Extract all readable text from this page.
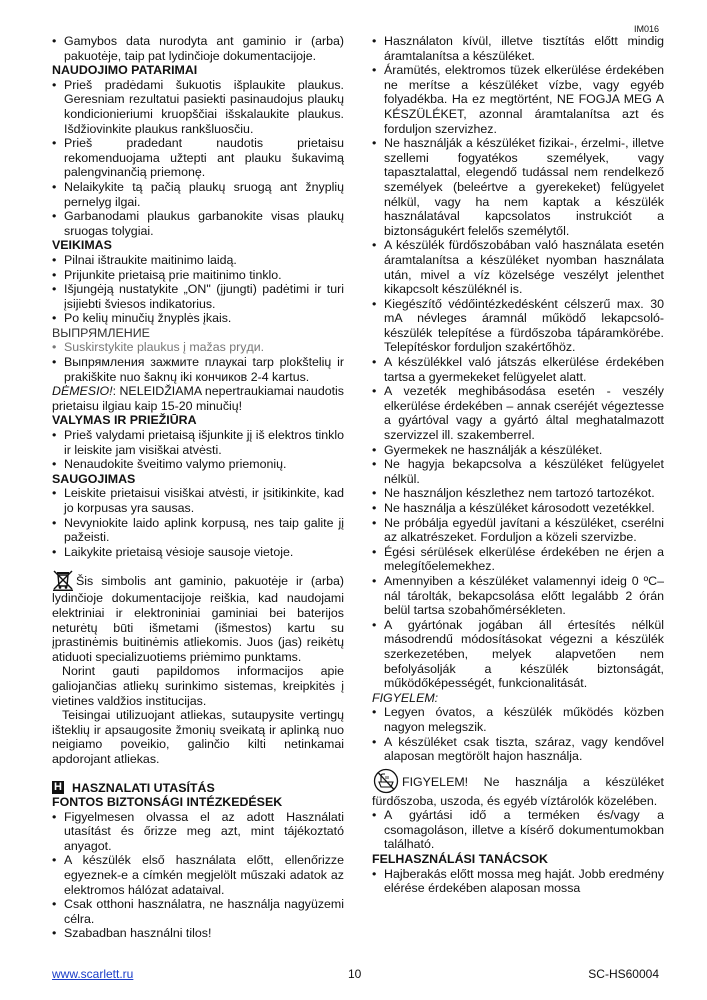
IM016
• Gamybos data nurodyta ant gaminio ir (arba) pakuotėje, taip pat lydinčioje dokumentacijoje.

NAUDOJIMO PATARIMAI

• Prieš pradėdami šukuotis išplaukite plaukus. Geresniam rezultatui pasiekti pasinaudojus plaukų kondicionieriumi kruopščiai išskalaukite plaukus. Išdžiovinkite plaukus rankšluosčiu.
• Prieš pradedant naudotis prietaisu rekomenduojama užtepti ant plauku šukavimą palengvinančią priemonę.
• Nelaikykite tą pačią plaukų sruogą ant žnyplių pernelyg ilgai.
• Garbanodami plaukus garbanokite visas plaukų sruogas tolygiai.

VEIKIMAS

• Pilnai ištraukite maitinimo laidą.
• Prijunkite prietaisą prie maitinimo tinklo.
• Išjungėją nustatykite „ON" (įjungti) padėtimi ir turi įsijiebti šviesos indikatorius.
• Po kelių minučių žnyplės įkais.

ВЫПРЯМЛЕНИЕ

• Suskirstykite plaukus į mažas pryди.
• Выпрямления зажмите плаукai tarp plokštelių ir prakiškite nuo šaknų iki кончиков 2-4 kartus.

DĖMESIO!: NELEIDŽIAMA nepertraukiamai naudotis prietaisu ilgiau kaip 15-20 minučių!

VALYMAS IR PRIEŽIŪRA

• Prieš valydami prietaisą išjunkite jį iš elektros tinklo ir leiskite jam visiškai atvėsti.
• Nenaudokite šveitimo valymo priemonių.

SAUGOJIMAS

• Leiskite prietaisui visiškai atvėsti, ir įsitikinkite, kad jo korpusas yra sausas.
• Nevyniokite laido aplink korpusą, nes taip galite jį pažeisti.
• Laikykite prietaisą vėsioje sausoje vietoje.

Šis simbolis ant gaminio, pakuotėje ir (arba) lydinčioje dokumentacijoje reiškia, kad naudojami elektriniai ir elektroniniai gaminiai bei baterijos neturėtų būti išmetami (išmestos) kartu su įprastinėmis buitinėmis atliekomis. Juos (jas) reikėtų atiduoti specializuotiems priėmimo punktams.

Norint gauti papildomos informacijos apie galiojančias atliekų surinkimo sistemas, kreipkitės į vietines valdžios institucijas.

Teisingai utilizuojant atliekas, sutaupysite vertingų išteklių ir apsaugosite žmonių sveikatą ir aplinką nuo neigiamo poveikio, galinčio kilti netinkamai apdorojant atliekas.

H HASZNALATI UTASÍTÁS

FONTOS BIZTONSÁGI INTÉZKEDÉSEK

• Figyelmesen olvassa el az adott Használati utasítást és őrizze meg azt, mint tájékoztató anyagot.
• A készülék első használata előtt, ellenőrizze egyeznek-e a címkén megjelölt műszaki adatok az elektromos hálózat adataival.
• Csak otthoni használatra, ne használja nagyüzemi célra.
• Szabadban használni tilos!
• Használaton kívül, illetve tisztítás előtt mindig áramtalanítsa a készüléket.
• Áramütés, elektromos tüzek elkerülése érdekében ne merítse a készüléket vízbe, vagy egyéb folyadékba. Ha ez megtörtént, NE FOGJA MEG A KÉSZÜLÉKET, azonnal áramtalanítsa azt és forduljon szervizhez.
• Ne használják a készüléket fizikai-, érzelmi-, illetve szellemi fogyatékos személyek, vagy tapasztalattal, elegendő tudással nem rendelkező személyek (beleértve a gyerekeket) felügyelet nélkül, vagy ha nem kaptak a készülék használatával kapcsolatos instrukciót a biztonságukért felelős személytől.
• A készülék fürdőszobában való használata esetén áramtalanítsa a készüléket nyomban használata után, mivel a víz közelsége veszélyt jelenthet kikapcsolt készüléknél is.
• Kiegészítő védőintézkedésként célszerű max. 30 mA névleges áramnál működő lekapcsoló-készülék telepítése a fürdőszoba tápáramkörébe. Telepítéskor forduljon szakértőhöz.
• A készülékkel való játszás elkerülése érdekében tartsa a gyermekeket felügyelet alatt.
• A vezeték meghibásodása esetén - veszély elkerülése érdekében – annak cseréjét végeztesse a gyártóval vagy a gyártó által meghatalmazott szervizzel ill. szakemberrel.
• Gyermekek ne használják a készüléket.
• Ne hagyja bekapcsolva a készüléket felügyelet nélkül.
• Ne használjon készlethez nem tartozó tartozékot.
• Ne használja a készüléket károsodott vezetékkel.
• Ne próbálja egyedül javítani a készüléket, cserélni az alkatrészeket. Forduljon a közeli szervizbe.
• Égési sérülések elkerülése érdekében ne érjen a melegítőelemekhez.
• Amennyiben a készüléket valamennyi ideig 0 ºC–nál tárolták, bekapcsolása előtt legalább 2 órán belül tartsa szobahőmérsékleten.
• A gyártónak jogában áll értesítés nélkül másodrendű módosításokat végezni a készülék szerkezetében, melyek alapvetően nem befolyásolják a készülék biztonságát, működőképességét, funkcionalitását.

FIGYELEM:

• Legyen óvatos, a készülék működés közben nagyon melegszik.
• A készüléket csak tiszta, száraz, vagy kendővel alaposan megtörölt hajon használja.

FIGYELEM! Ne használja a készüléket fürdőszoba, uszoda, és egyéb víztárolók közelében.

• A gyártási idő a terméken és/vagy a csomagoláson, illetve a kísérő dokumentumokban található.

FELHASZNÁLÁSI TANÁCSOK

• Hajberakás előtt mossa meg haját. Jobb eredmény elérése érdekében alaposan mossa
www.scarlett.ru	10	SC-HS60004
